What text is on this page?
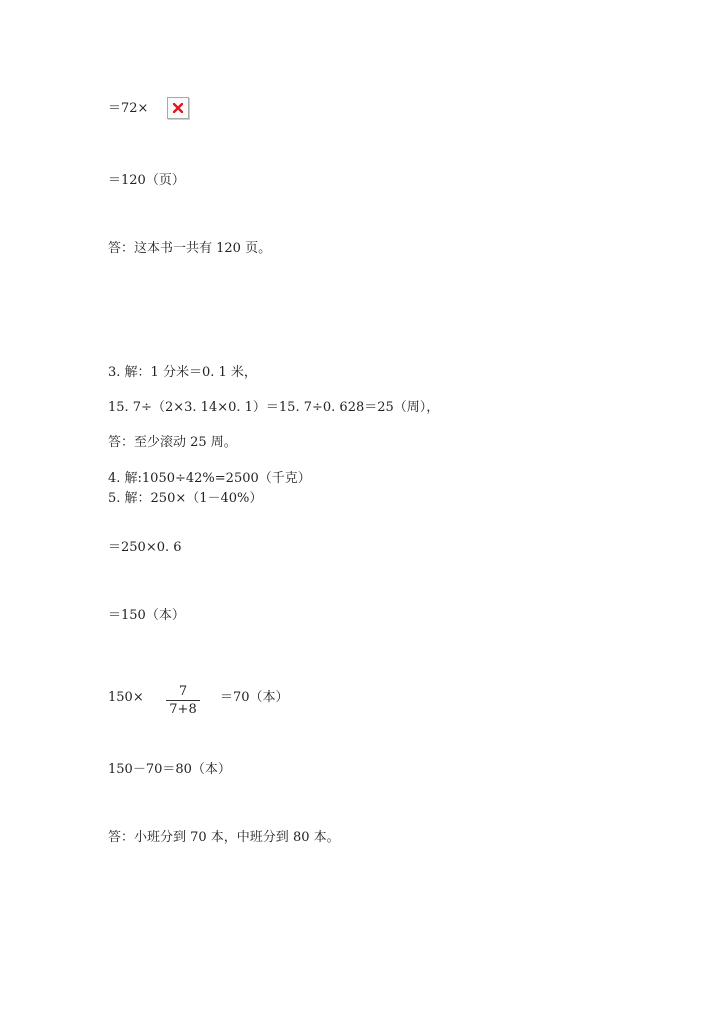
＝72×
＝120（页）
答：这本书一共有 120 页。
3. 解：1 分米＝0. 1 米，
15. 7÷（2×3. 14×0. 1）＝15. 7÷0. 628＝25（周），
答：至少滚动 25 周。
4. 解:1050÷42%=2500（千克）
5. 解：250×（1－40%）
＝250×0. 6
＝150（本）
150×	7
7+8
＝70（本）
150－70＝80（本）
答：小班分到 70 本，中班分到 80 本。
